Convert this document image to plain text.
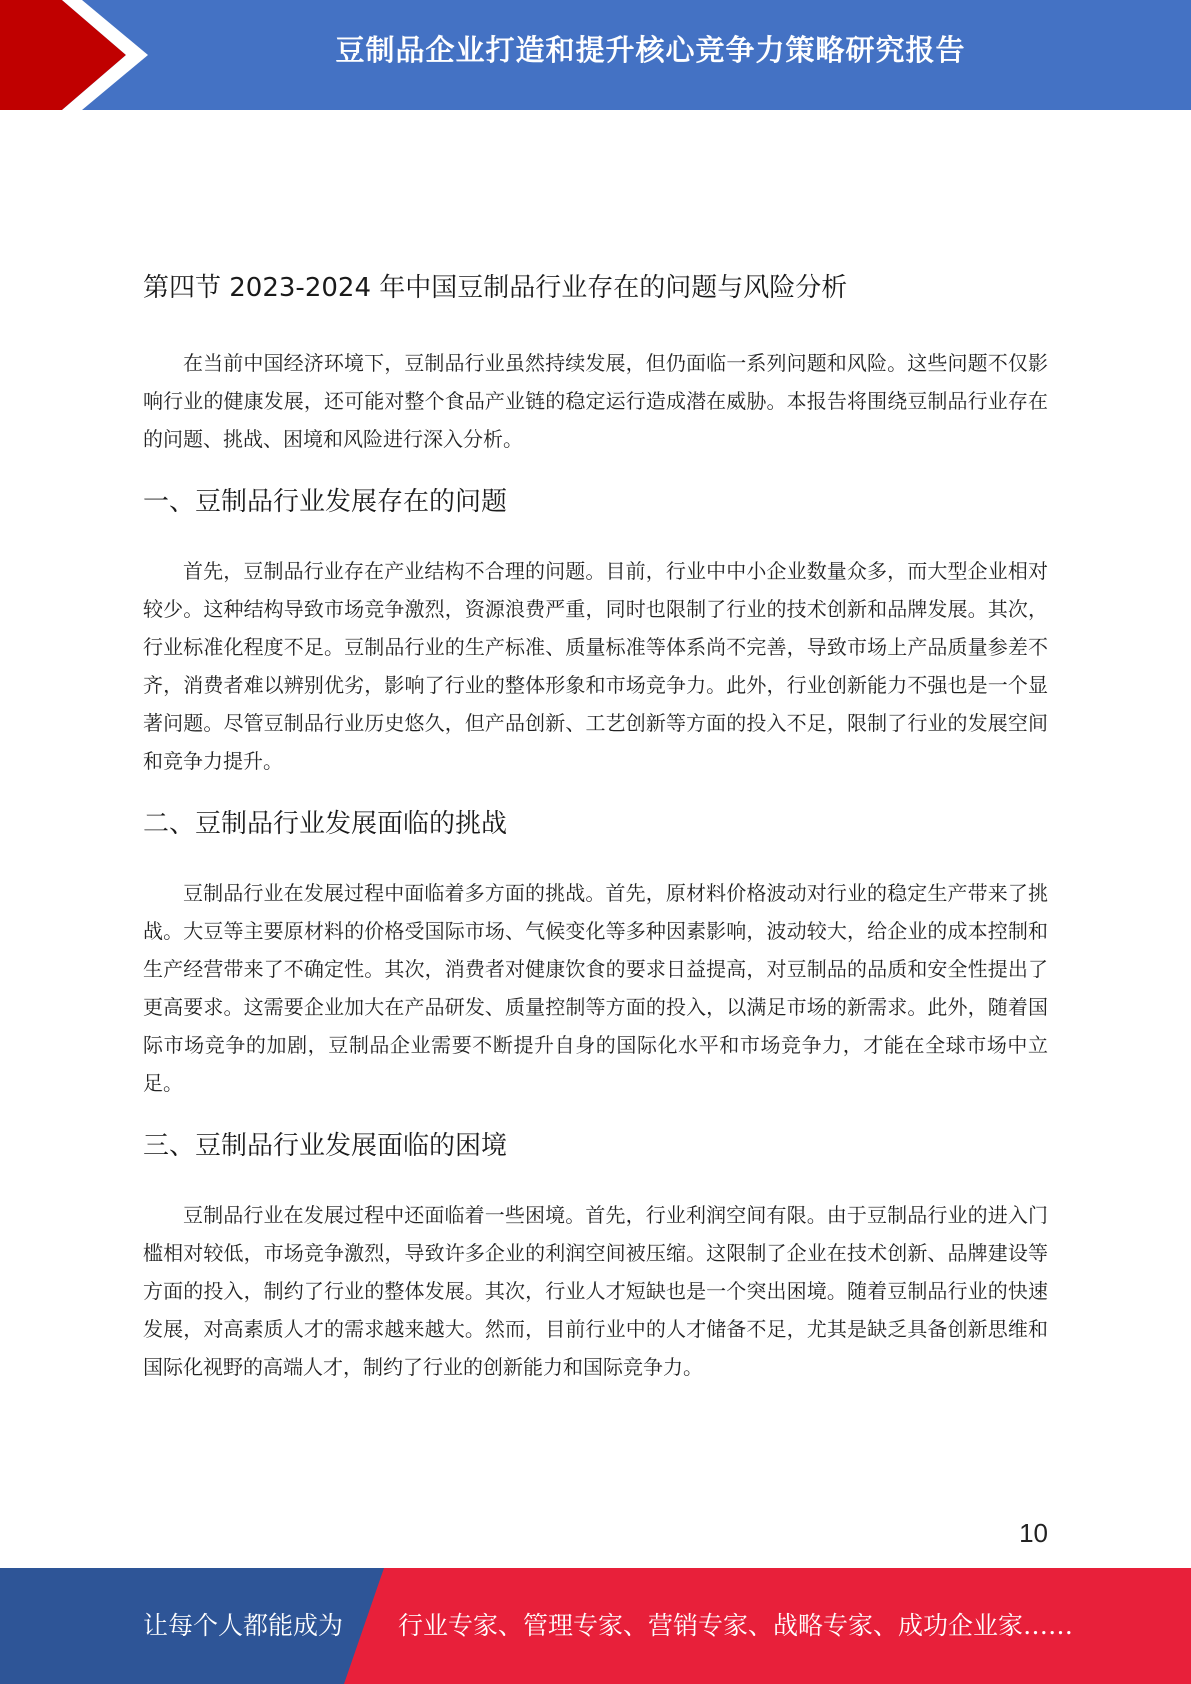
豆制品企业打造和提升核心竞争力策略研究报告
第四节 2023-2024 年中国豆制品行业存在的问题与风险分析

在当前中国经济环境下，豆制品行业虽然持续发展，但仍面临一系列问题和风险。这些问题不仅影响行业的健康发展，还可能对整个食品产业链的稳定运行造成潜在威胁。本报告将围绕豆制品行业存在的问题、挑战、困境和风险进行深入分析。

一、豆制品行业发展存在的问题

首先，豆制品行业存在产业结构不合理的问题。目前，行业中中小企业数量众多，而大型企业相对较少。这种结构导致市场竞争激烈，资源浪费严重，同时也限制了行业的技术创新和品牌发展。其次，行业标准化程度不足。豆制品行业的生产标准、质量标准等体系尚不完善，导致市场上产品质量参差不齐，消费者难以辨别优劣，影响了行业的整体形象和市场竞争力。此外，行业创新能力不强也是一个显著问题。尽管豆制品行业历史悠久，但产品创新、工艺创新等方面的投入不足，限制了行业的发展空间和竞争力提升。

二、豆制品行业发展面临的挑战

豆制品行业在发展过程中面临着多方面的挑战。首先，原材料价格波动对行业的稳定生产带来了挑战。大豆等主要原材料的价格受国际市场、气候变化等多种因素影响，波动较大，给企业的成本控制和生产经营带来了不确定性。其次，消费者对健康饮食的要求日益提高，对豆制品的品质和安全性提出了更高要求。这需要企业加大在产品研发、质量控制等方面的投入，以满足市场的新需求。此外，随着国际市场竞争的加剧，豆制品企业需要不断提升自身的国际化水平和市场竞争力，才能在全球市场中立足。

三、豆制品行业发展面临的困境

豆制品行业在发展过程中还面临着一些困境。首先，行业利润空间有限。由于豆制品行业的进入门槛相对较低，市场竞争激烈，导致许多企业的利润空间被压缩。这限制了企业在技术创新、品牌建设等方面的投入，制约了行业的整体发展。其次，行业人才短缺也是一个突出困境。随着豆制品行业的快速发展，对高素质人才的需求越来越大。然而，目前行业中的人才储备不足，尤其是缺乏具备创新思维和国际化视野的高端人才，制约了行业的创新能力和国际竞争力。

10
让每个人都能成为 行业专家、管理专家、营销专家、战略专家、成功企业家……
